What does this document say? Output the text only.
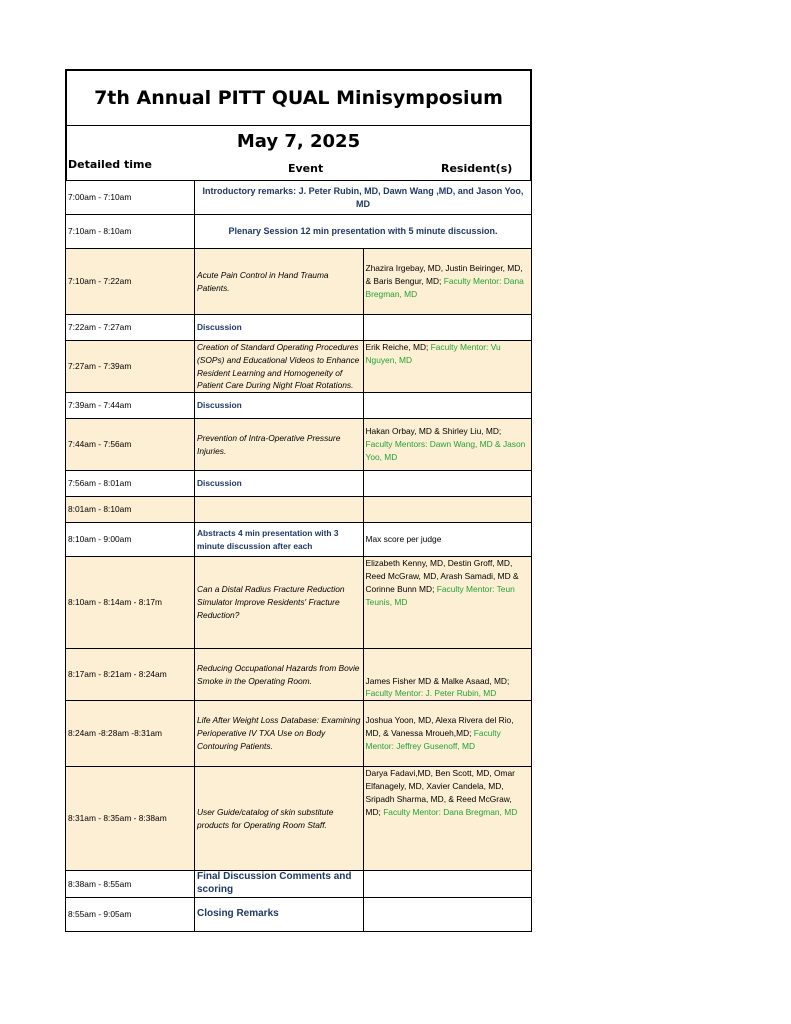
7th Annual PITT QUAL Minisymposium
May 7, 2025
Detailed time	Event	Resident(s)
7:00am - 7:10am	Introductory remarks: J. Peter Rubin, MD, Dawn Wang ,MD, and Jason Yoo, MD	
7:10am - 8:10am	Plenary Session 12 min presentation with 5 minute discussion.	
7:10am - 7:22am	Acute Pain Control in Hand Trauma Patients.	Zhazira Irgebay, MD, Justin Beiringer, MD, & Baris Bengur, MD; Faculty Mentor: Dana Bregman, MD
7:22am - 7:27am	Discussion	
7:27am - 7:39am	Creation of Standard Operating Procedures (SOPs) and Educational Videos to Enhance Resident Learning and Homogeneity of Patient Care During Night Float Rotations.	Erik Reiche, MD; Faculty Mentor: Vu Nguyen, MD
7:39am - 7:44am	Discussion	
7:44am - 7:56am	Prevention of Intra-Operative Pressure Injuries.	Hakan Orbay, MD & Shirley Liu, MD; Faculty Mentors: Dawn Wang, MD & Jason Yoo, MD
7:56am - 8:01am	Discussion	
8:01am - 8:10am		
8:10am - 9:00am	Abstracts 4 min presentation with 3 minute discussion after each	Max score per judge
8:10am - 8:14am - 8:17m	Can a Distal Radius Fracture Reduction Simulator Improve Residents' Fracture Reduction?	Elizabeth Kenny, MD, Destin Groff, MD, Reed McGraw, MD, Arash Samadi, MD & Corinne Bunn MD; Faculty Mentor: Teun Teunis, MD
8:17am - 8:21am - 8:24am	Reducing Occupational Hazards from Bovie Smoke in the Operating Room.	James Fisher MD & Malke Asaad, MD; Faculty Mentor: J. Peter Rubin, MD
8:24am -8:28am -8:31am	Life After Weight Loss Database: Examining Perioperative IV TXA Use on Body Contouring Patients.	Joshua Yoon, MD, Alexa Rivera del Rio, MD, & Vanessa Mroueh,MD; Faculty Mentor: Jeffrey Gusenoff, MD
8:31am - 8:35am - 8:38am	User Guide/catalog of skin substitute products for Operating Room Staff.	Darya Fadavi,MD, Ben Scott, MD, Omar Elfanagely, MD, Xavier Candela, MD, Sripadh Sharma, MD, & Reed McGraw, MD; Faculty Mentor: Dana Bregman, MD
8:38am - 8:55am	Final Discussion Comments and scoring	
8:55am - 9:05am	Closing Remarks	
